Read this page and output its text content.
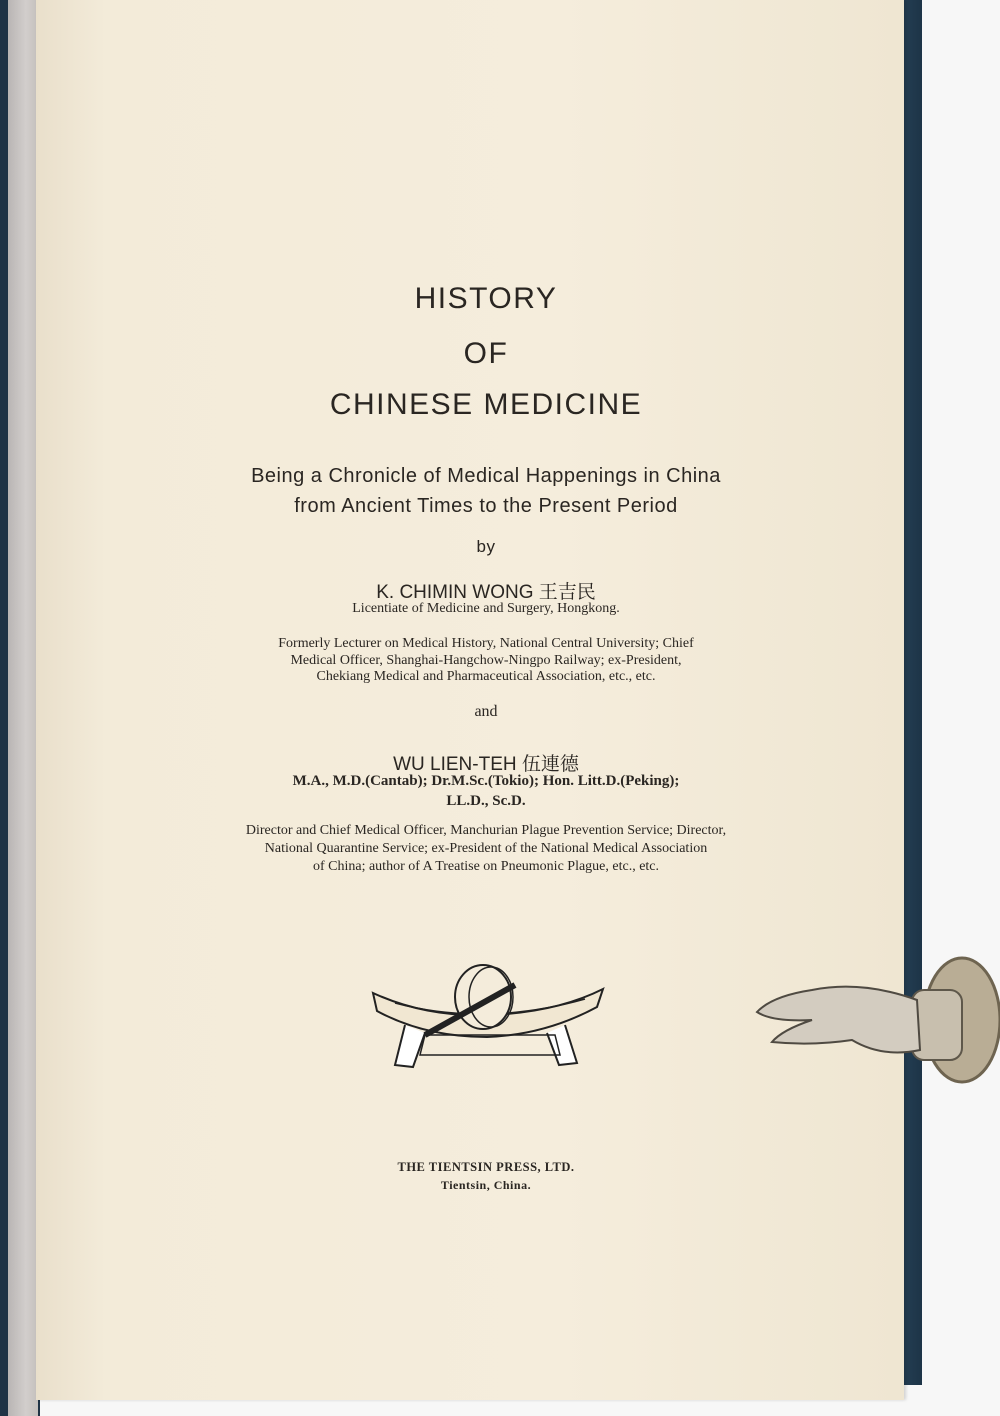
HISTORY
OF
CHINESE MEDICINE
Being a Chronicle of Medical Happenings in China
from Ancient Times to the Present Period
by
K. CHIMIN WONG 王吉民
Licentiate of Medicine and Surgery, Hongkong.
Formerly Lecturer on Medical History, National Central University; Chief
Medical Officer, Shanghai-Hangchow-Ningpo Railway; ex-President,
Chekiang Medical and Pharmaceutical Association, etc., etc.
and
WU LIEN-TEH 伍連德
M.A., M.D.(Cantab); Dr.M.Sc.(Tokio); Hon. Litt.D.(Peking);
LL.D., Sc.D.
Director and Chief Medical Officer, Manchurian Plague Prevention Service; Director,
National Quarantine Service; ex-President of the National Medical Association
of China; author of A Treatise on Pneumonic Plague, etc., etc.
THE TIENTSIN PRESS, LTD.
Tientsin, China.
